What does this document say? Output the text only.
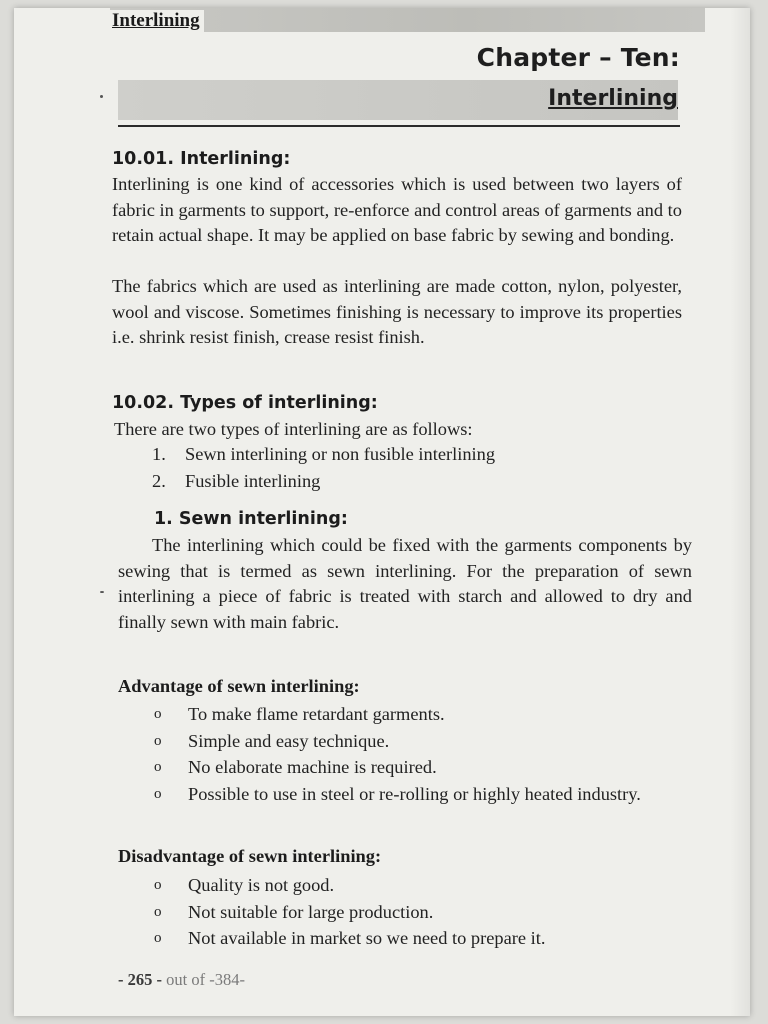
Interlining
Chapter – Ten:
Interlining
10.01. Interlining:
Interlining is one kind of accessories which is used between two layers of fabric in garments to support, re-enforce and control areas of garments and to retain actual shape. It may be applied on base fabric by sewing and bonding.
The fabrics which are used as interlining are made cotton, nylon, polyester, wool and viscose. Sometimes finishing is necessary to improve its properties i.e. shrink resist finish, crease resist finish.
10.02. Types of interlining:
There are two types of interlining are as follows:
1.	Sewn interlining or non fusible interlining
2.	Fusible interlining
1. Sewn interlining:
The interlining which could be fixed with the garments components by sewing that is termed as sewn interlining. For the preparation of sewn interlining a piece of fabric is treated with starch and allowed to dry and finally sewn with main fabric.
Advantage of sewn interlining:
o To make flame retardant garments.
o Simple and easy technique.
o No elaborate machine is required.
o Possible to use in steel or re-rolling or highly heated industry.
Disadvantage of sewn interlining:
o Quality is not good.
o Not suitable for large production.
o Not available in market so we need to prepare it.
- 265 - out of -384-
